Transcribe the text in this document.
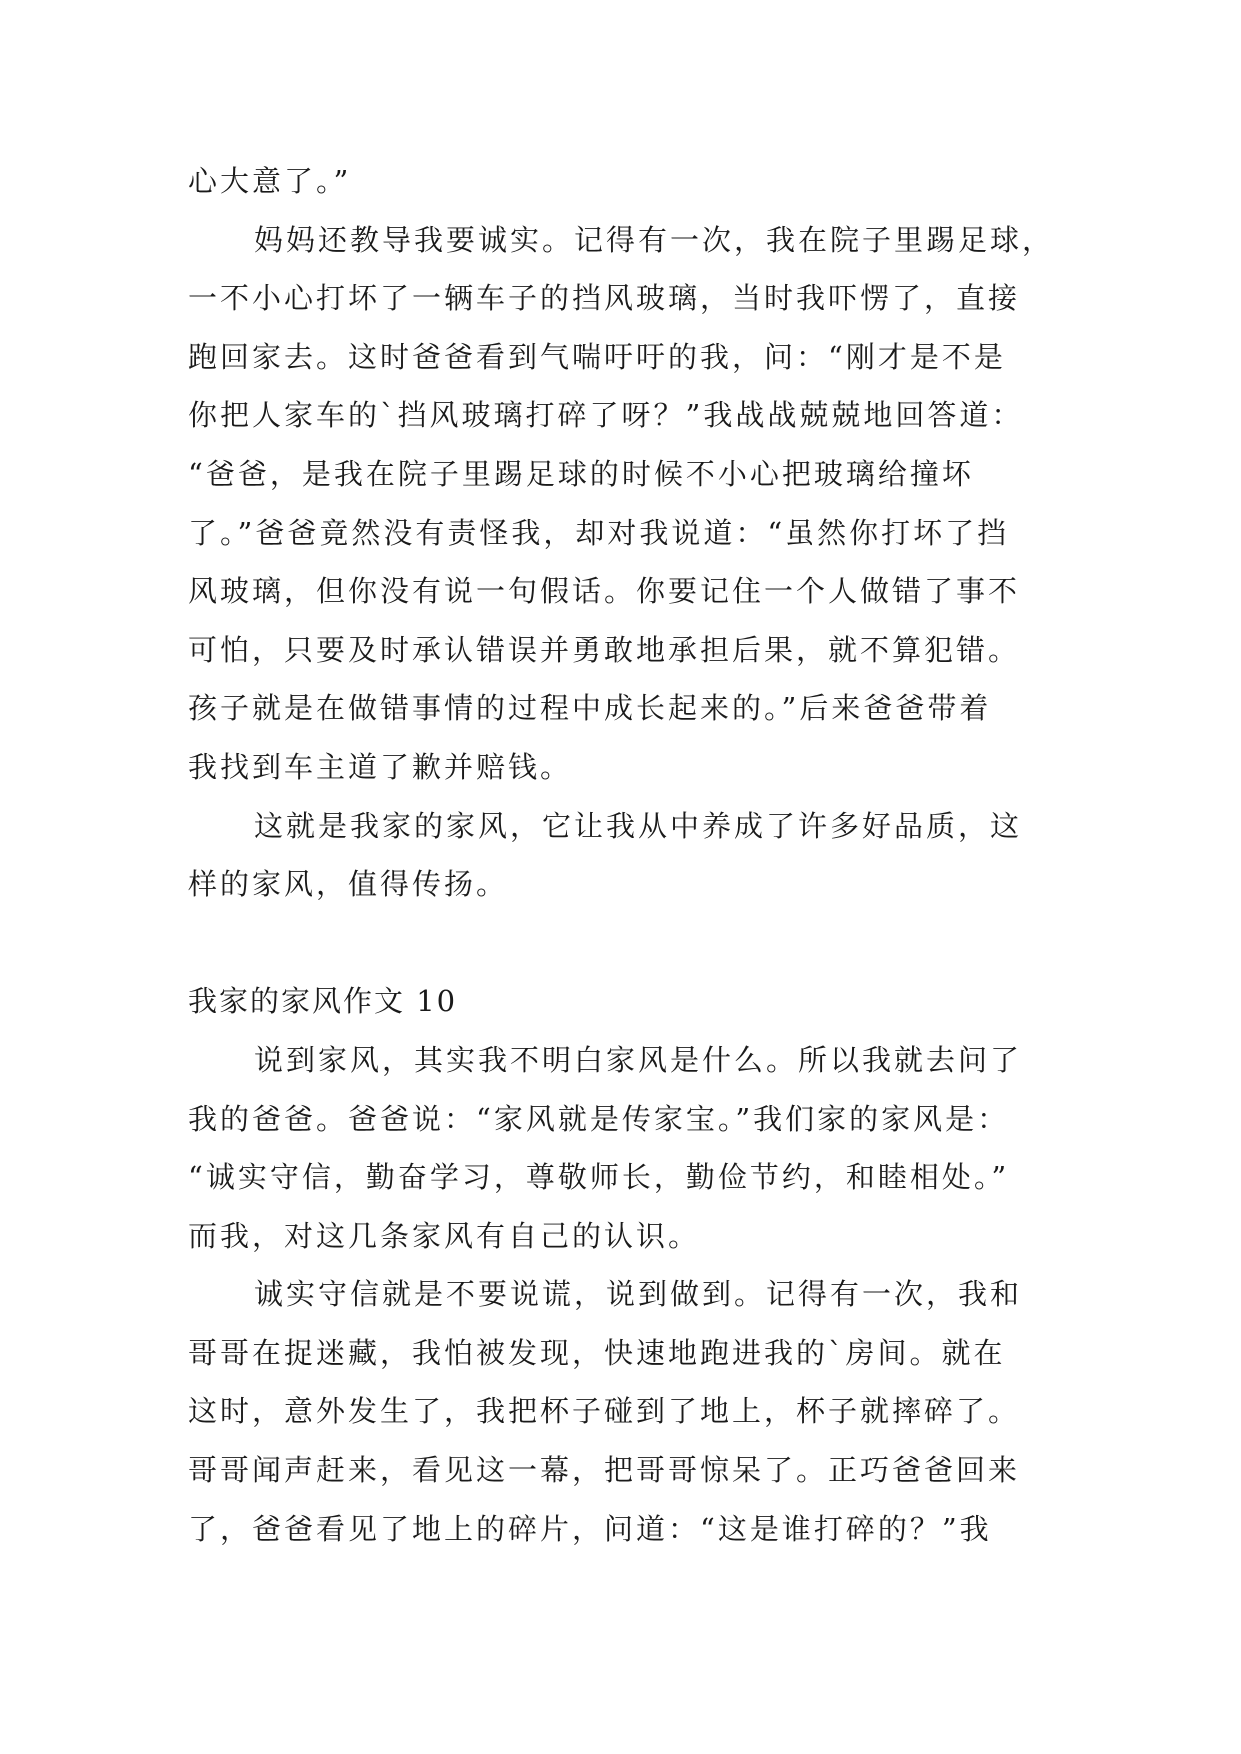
心大意了。”
妈妈还教导我要诚实。记得有一次，我在院子里踢足球，
一不小心打坏了一辆车子的挡风玻璃，当时我吓愣了，直接
跑回家去。这时爸爸看到气喘吁吁的我，问：“刚才是不是
你把人家车的`挡风玻璃打碎了呀？”我战战兢兢地回答道：
“爸爸，是我在院子里踢足球的时候不小心把玻璃给撞坏
了。”爸爸竟然没有责怪我，却对我说道：“虽然你打坏了挡
风玻璃，但你没有说一句假话。你要记住一个人做错了事不
可怕，只要及时承认错误并勇敢地承担后果，就不算犯错。
孩子就是在做错事情的过程中成长起来的。”后来爸爸带着
我找到车主道了歉并赔钱。
这就是我家的家风，它让我从中养成了许多好品质，这
样的家风，值得传扬。
我家的家风作文 10
说到家风，其实我不明白家风是什么。所以我就去问了
我的爸爸。爸爸说：“家风就是传家宝。”我们家的家风是：
“诚实守信，勤奋学习，尊敬师长，勤俭节约，和睦相处。”
而我，对这几条家风有自己的认识。
诚实守信就是不要说谎，说到做到。记得有一次，我和
哥哥在捉迷藏，我怕被发现，快速地跑进我的`房间。就在
这时，意外发生了，我把杯子碰到了地上，杯子就摔碎了。
哥哥闻声赶来，看见这一幕，把哥哥惊呆了。正巧爸爸回来
了，爸爸看见了地上的碎片，问道：“这是谁打碎的？”我
